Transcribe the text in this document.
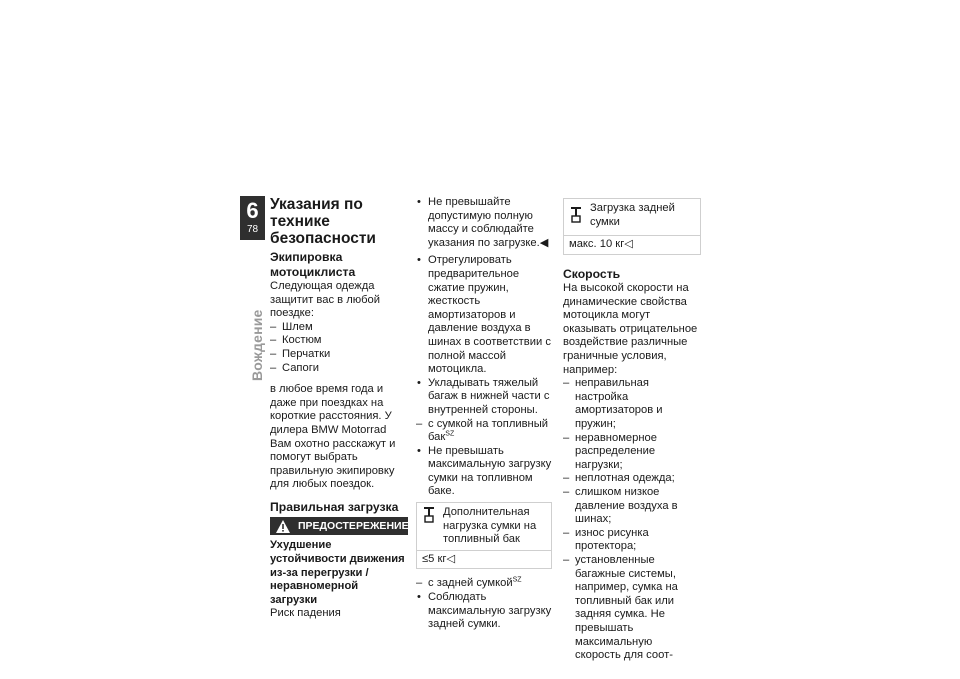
6
78
Вождение
Указания по технике безопасности
Экипировка мотоциклиста

Следующая одежда защитит вас в любой поездке:

– Шлем
– Костюм
– Перчатки
– Сапоги

в любое время года и даже при поездках на короткие расстояния. У дилера BMW Motorrad Вам охотно расскажут и помогут выбрать правильную экипировку для любых поездок.

Правильная загрузка
ПРЕДОСТЕРЕЖЕНИЕ

Ухудшение устойчивости движения из-за перегрузки / неравномерной загрузки

Риск падения

• Не превышайте допустимую полную массу и соблюдайте указания по загрузке.◀
• Отрегулировать предварительное сжатие пружин, жесткость амортизаторов и давление воздуха в шинах в соответствии с полной массой мотоцикла.
• Укладывать тяжелый багаж в нижней части с внутренней стороны.
– с сумкой на топливный бак$^{SZ}$
• Не превышать максимальную загрузку сумки на топливном баке.
Дополнительная нагрузка сумки на топливный бак
≤5 кг◁
– с задней сумкой$^{SZ}$
• Соблюдать максимальную загрузку задней сумки.
Загрузка задней сумки
макс. 10 кг◁
Скорость

На высокой скорости на динамические свойства мотоцикла могут оказывать отрицательное воздействие различные граничные условия, например:

– неправильная настройка амортизаторов и пружин;
– неравномерное распределение нагрузки;
– неплотная одежда;
– слишком низкое давление воздуха в шинах;
– износ рисунка протектора;
– установленные багажные системы, например, сумка на топливный бак или задняя сумка. Не превышать максимальную скорость для соот-
